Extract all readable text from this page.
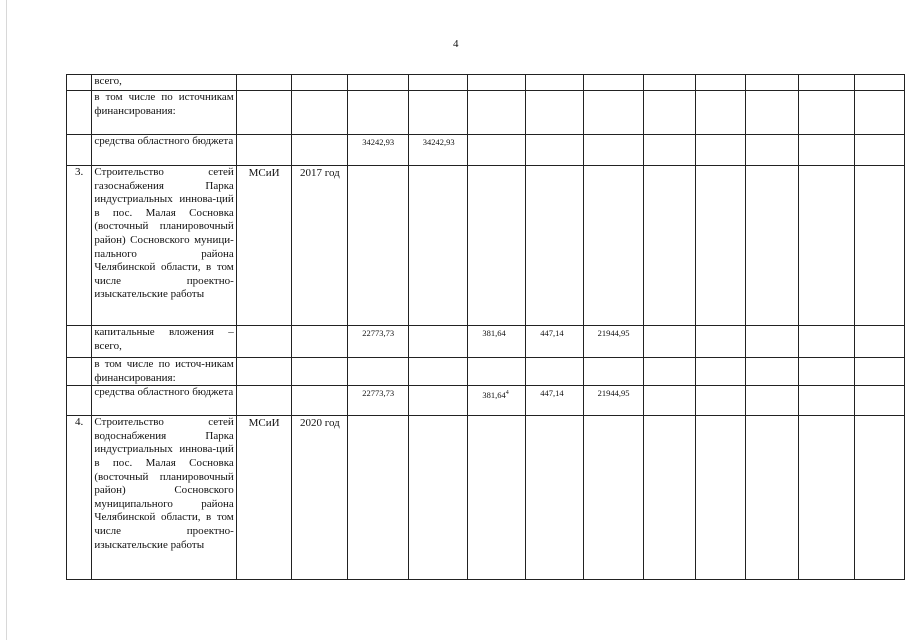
4
	всего,												
	в том числе по источникам финансирования:												
	средства областного бюджета			34242,93	34242,93								
3.	Строительство сетей газоснабжения Парка индустриальных иннова-ций в пос. Малая Сосновка (восточный планировочный район) Сосновского муници-пального района Челябинской области, в том числе проектно-изыскательские работы	МСиИ	2017 год										
	капитальные вложения – всего,			22773,73		381,64	447,14	21944,95					
	в том числе по источ-никам финансирования:												
	средства областного бюджета			22773,73		381,64$^4$	447,14	21944,95					
4.	Строительство сетей водоснабжения Парка индустриальных иннова-ций в пос. Малая Сосновка (восточный планировочный район) Сосновского муниципального района Челябинской области, в том числе проектно-изыскательские работы	МСиИ	2020 год										
